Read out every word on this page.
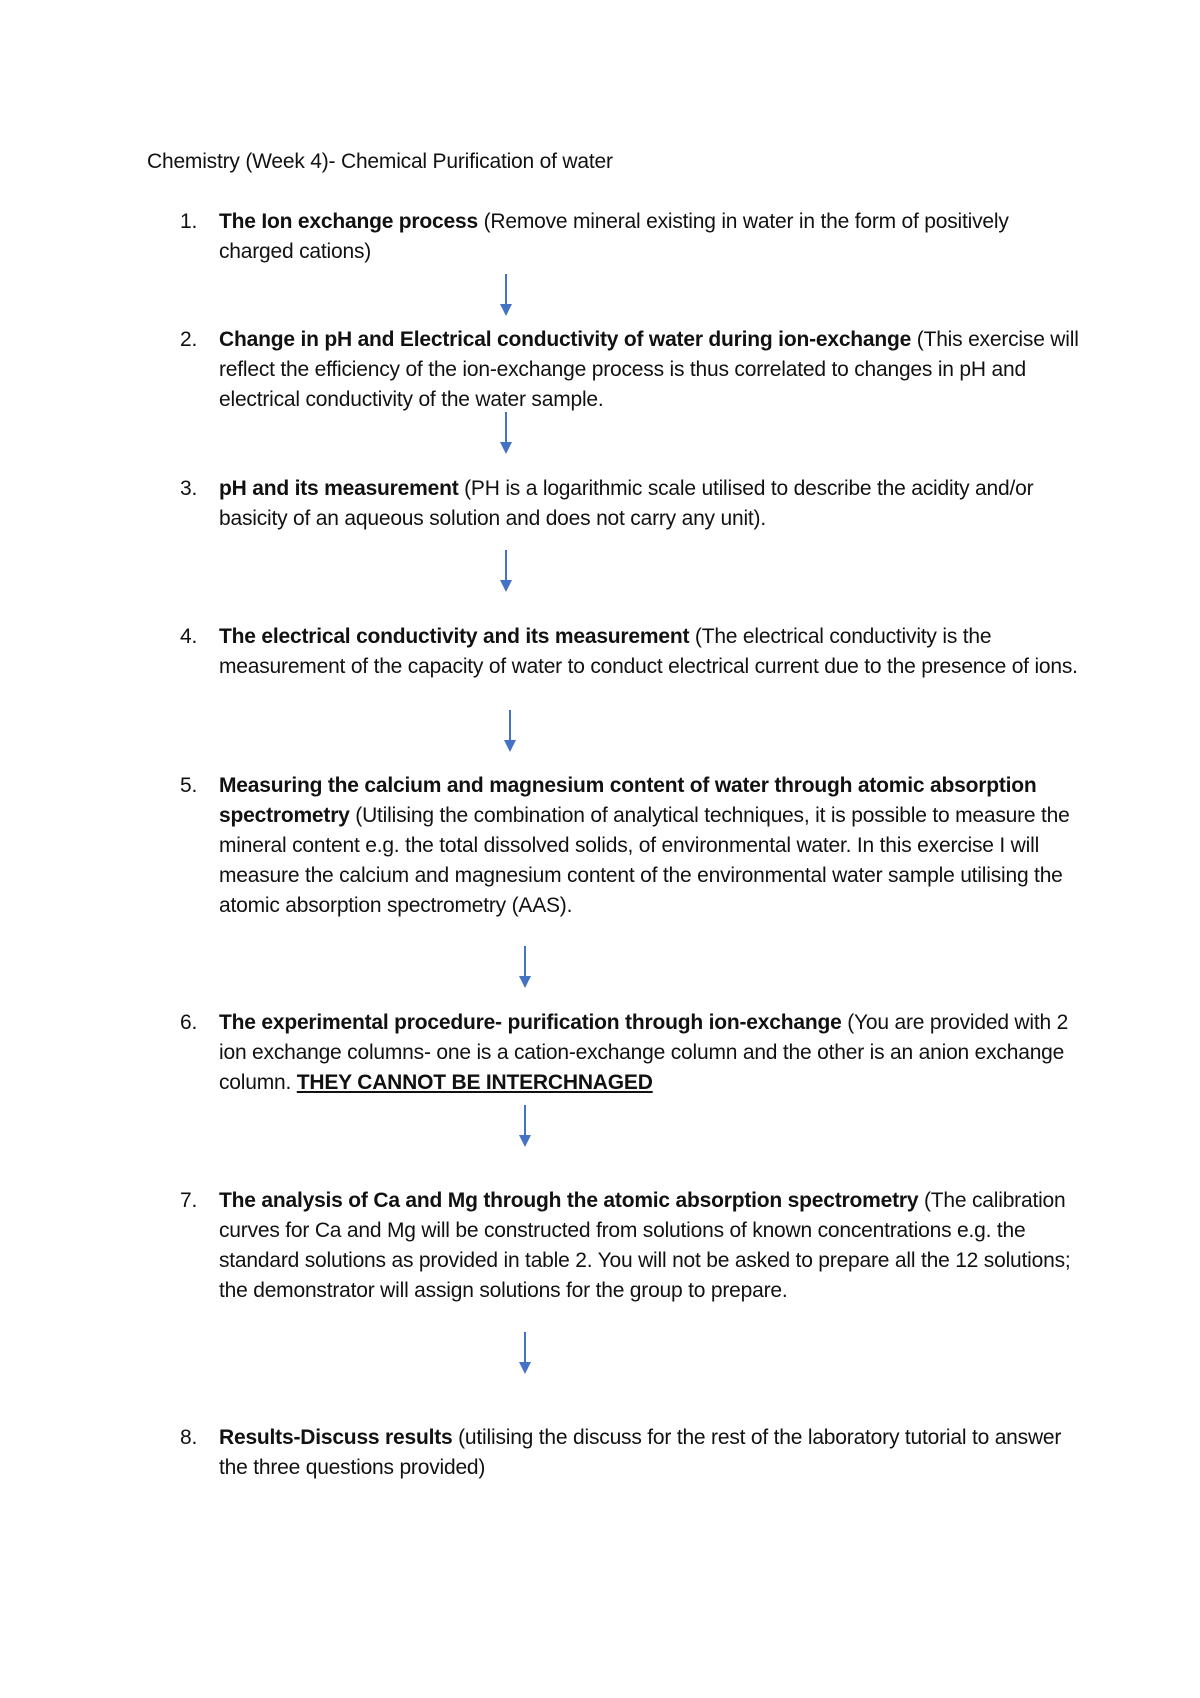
Chemistry (Week 4)- Chemical Purification of water
1.	The Ion exchange process (Remove mineral existing in water in the form of positively charged cations)
2.	Change in pH and Electrical conductivity of water during ion-exchange (This exercise will reflect the efficiency of the ion-exchange process is thus correlated to changes in pH and electrical conductivity of the water sample.
3.	pH and its measurement (PH is a logarithmic scale utilised to describe the acidity and/or basicity of an aqueous solution and does not carry any unit).
4.	The electrical conductivity and its measurement (The electrical conductivity is the measurement of the capacity of water to conduct electrical current due to the presence of ions.
5.	Measuring the calcium and magnesium content of water through atomic absorption spectrometry (Utilising the combination of analytical techniques, it is possible to measure the mineral content e.g. the total dissolved solids, of environmental water. In this exercise I will measure the calcium and magnesium content of the environmental water sample utilising the atomic absorption spectrometry (AAS).
6.	The experimental procedure- purification through ion-exchange (You are provided with 2 ion exchange columns- one is a cation-exchange column and the other is an anion exchange column. THEY CANNOT BE INTERCHNAGED
7.	The analysis of Ca and Mg through the atomic absorption spectrometry (The calibration curves for Ca and Mg will be constructed from solutions of known concentrations e.g. the standard solutions as provided in table 2. You will not be asked to prepare all the 12 solutions; the demonstrator will assign solutions for the group to prepare.
8.	Results-Discuss results (utilising the discuss for the rest of the laboratory tutorial to answer the three questions provided)
